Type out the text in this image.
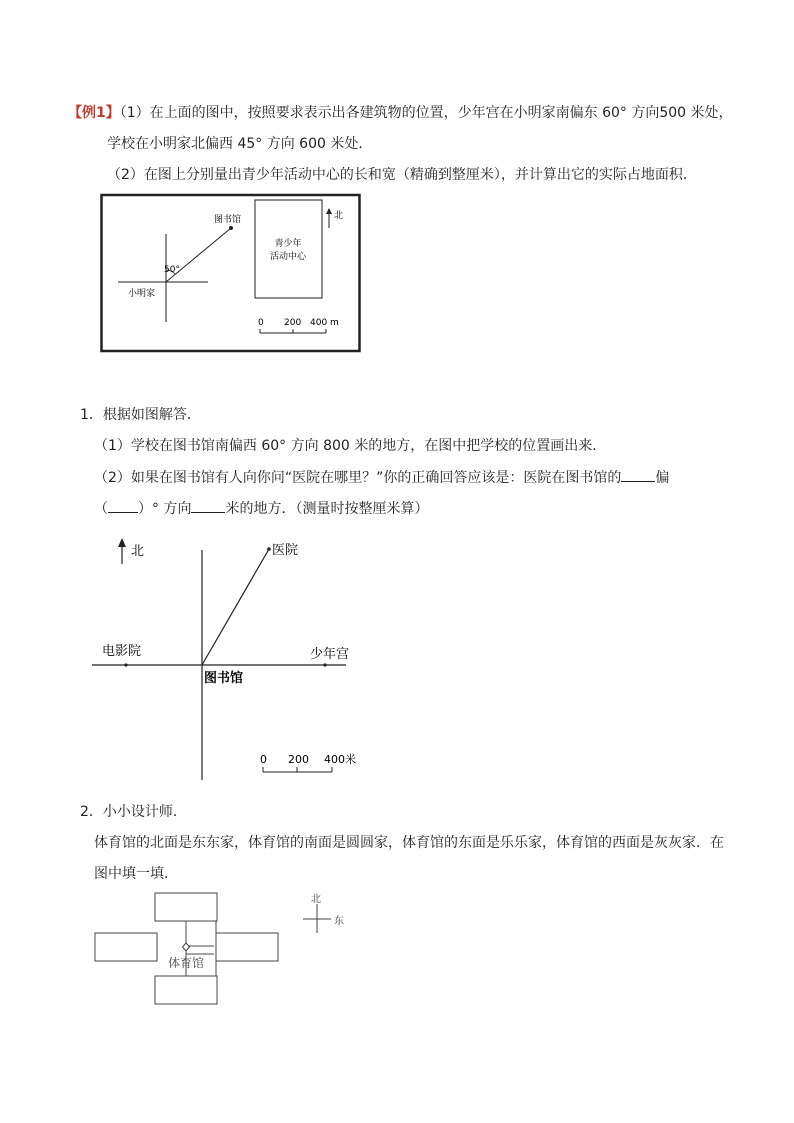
【例1】（1）在上面的图中，按照要求表示出各建筑物的位置，少年宫在小明家南偏东 60° 方向500 米处，
学校在小明家北偏西 45° 方向 600 米处．
（2）在图上分别量出青少年活动中心的长和宽（精确到整厘米），并计算出它的实际占地面积．
图书馆
50°
小明家
青少年
活动中心
北
0 200 400 m
1．根据如图解答．
（1）学校在图书馆南偏西 60° 方向 800 米的地方，在图中把学校的位置画出来．
（2）如果在图书馆有人向你问“医院在哪里？”你的正确回答应该是：医院在图书馆的 偏
（ ）° 方向 米的地方．（测量时按整厘米算）
北	医院
电影院	少年宫
图书馆
0 200 400米
2．小小设计师．
体育馆的北面是东东家，体育馆的南面是圆圆家，体育馆的东面是乐乐家，体育馆的西面是灰灰家．在
图中填一填．
体育馆
北
东
